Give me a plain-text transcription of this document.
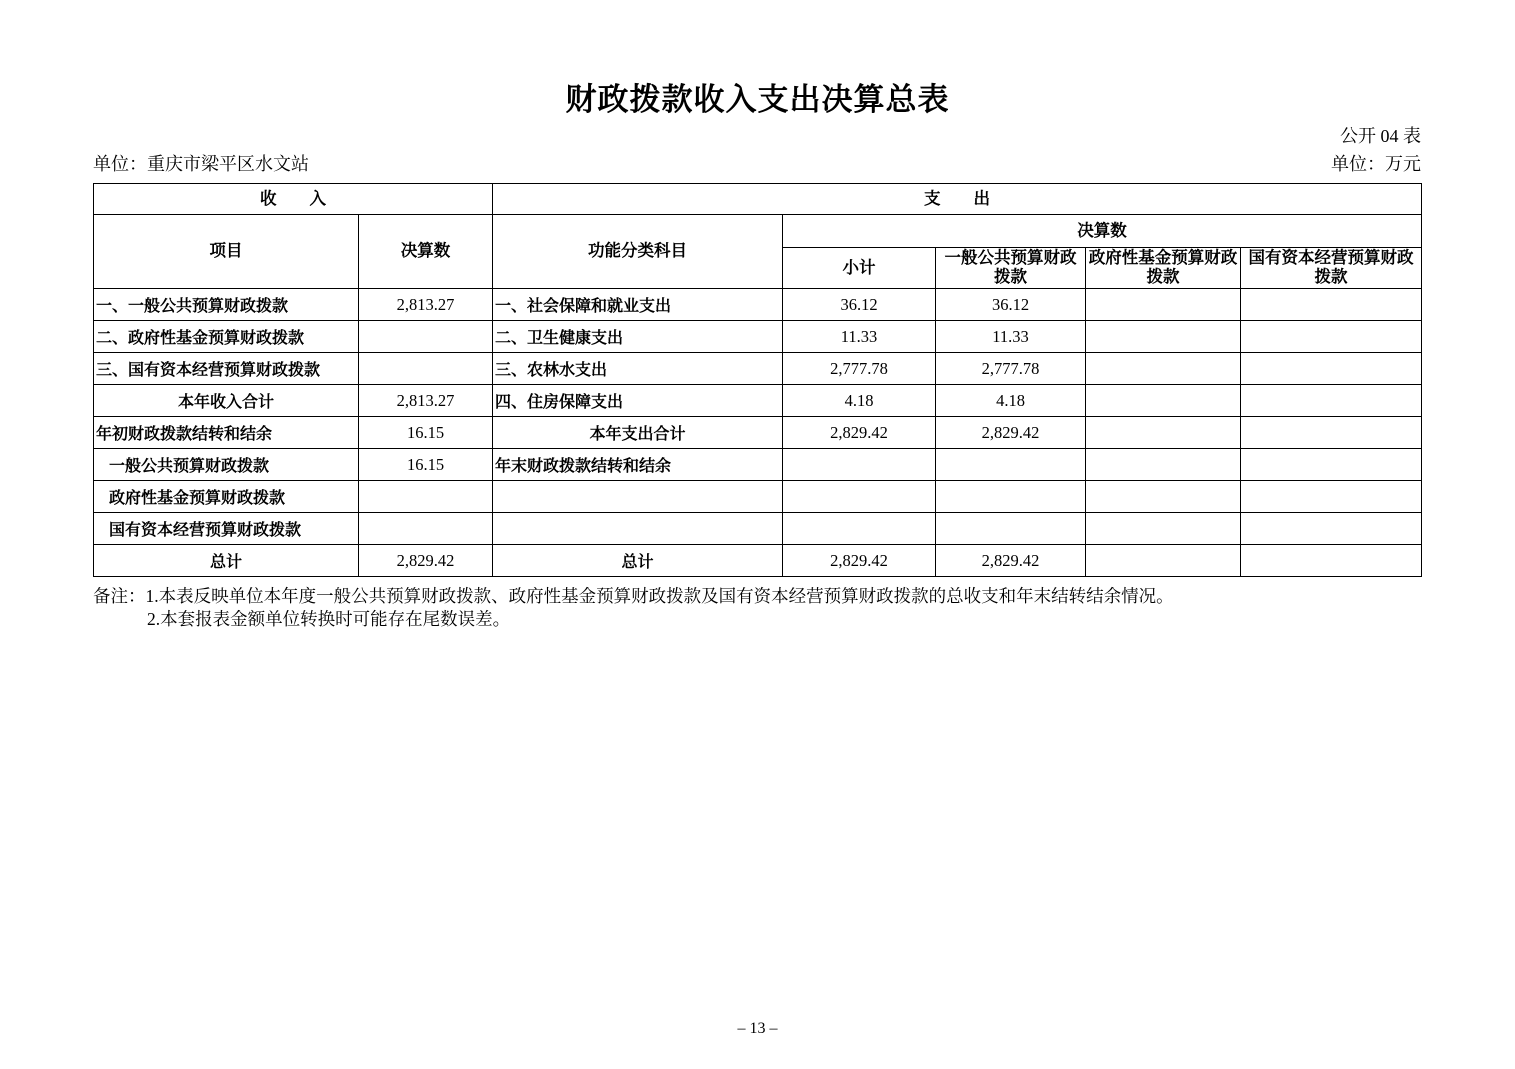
财政拨款收入支出决算总表
公开 04 表
单位：重庆市梁平区水文站	单位：万元
收　　入		支　　出				
项目	决算数	功能分类科目	决算数			
			小计	一般公共预算财政拨款	政府性基金预算财政拨款	国有资本经营预算财政拨款
一、一般公共预算财政拨款	2,813.27	一、社会保障和就业支出	36.12	36.12		
二、政府性基金预算财政拨款		二、卫生健康支出	11.33	11.33		
三、国有资本经营预算财政拨款		三、农林水支出	2,777.78	2,777.78		
本年收入合计	2,813.27	四、住房保障支出	4.18	4.18		
年初财政拨款结转和结余	16.15	本年支出合计	2,829.42	2,829.42		
一般公共预算财政拨款	16.15	年末财政拨款结转和结余				
政府性基金预算财政拨款						
国有资本经营预算财政拨款						
总计	2,829.42	总计	2,829.42	2,829.42		
备注：1.本表反映单位本年度一般公共预算财政拨款、政府性基金预算财政拨款及国有资本经营预算财政拨款的总收支和年末结转结余情况。
2.本套报表金额单位转换时可能存在尾数误差。
– 13 –
